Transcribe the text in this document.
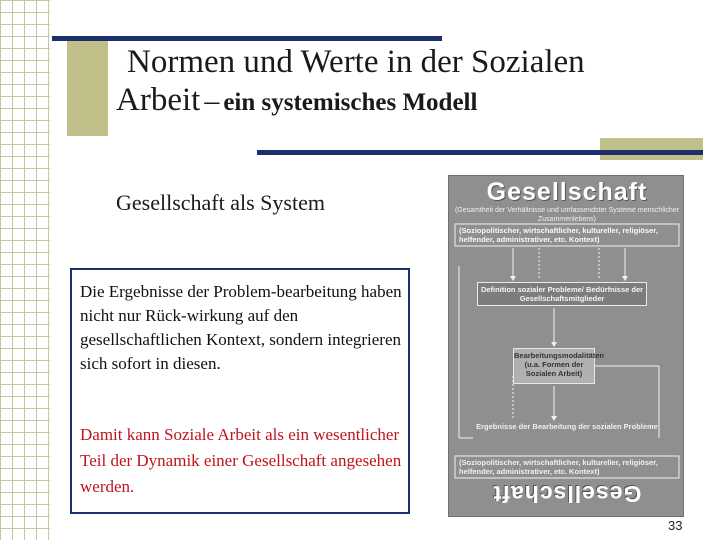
Normen und Werte in der Sozialen
Arbeit – ein systemisches Modell
Gesellschaft als System
Die Ergebnisse der Problem-bearbeitung haben nicht nur Rück-wirkung auf den gesellschaftlichen Kontext, sondern integrieren sich sofort in diesen.
Damit kann Soziale Arbeit als ein wesentlicher Teil der Dynamik einer Gesellschaft angesehen werden.
Gesellschaft
(Gesamtheit der Verhältnisse und umfassendster Systeme menschlicher Zusammenlebens)
(Soziopolitischer, wirtschaftlicher, kultureller, religiöser, helfender, administrativer, etc. Kontext)
Definition sozialer Probleme/ Bedürfnisse der Gesellschaftsmitglieder
Bearbeitungsmodalitäten (u.a. Formen der Sozialen Arbeit)
Ergebnisse der Bearbeitung der sozialen Probleme
(Soziopolitischer, wirtschaftlicher, kultureller, religiöser, helfender, administrativer, etc. Kontext)
Gesellschaft
33
